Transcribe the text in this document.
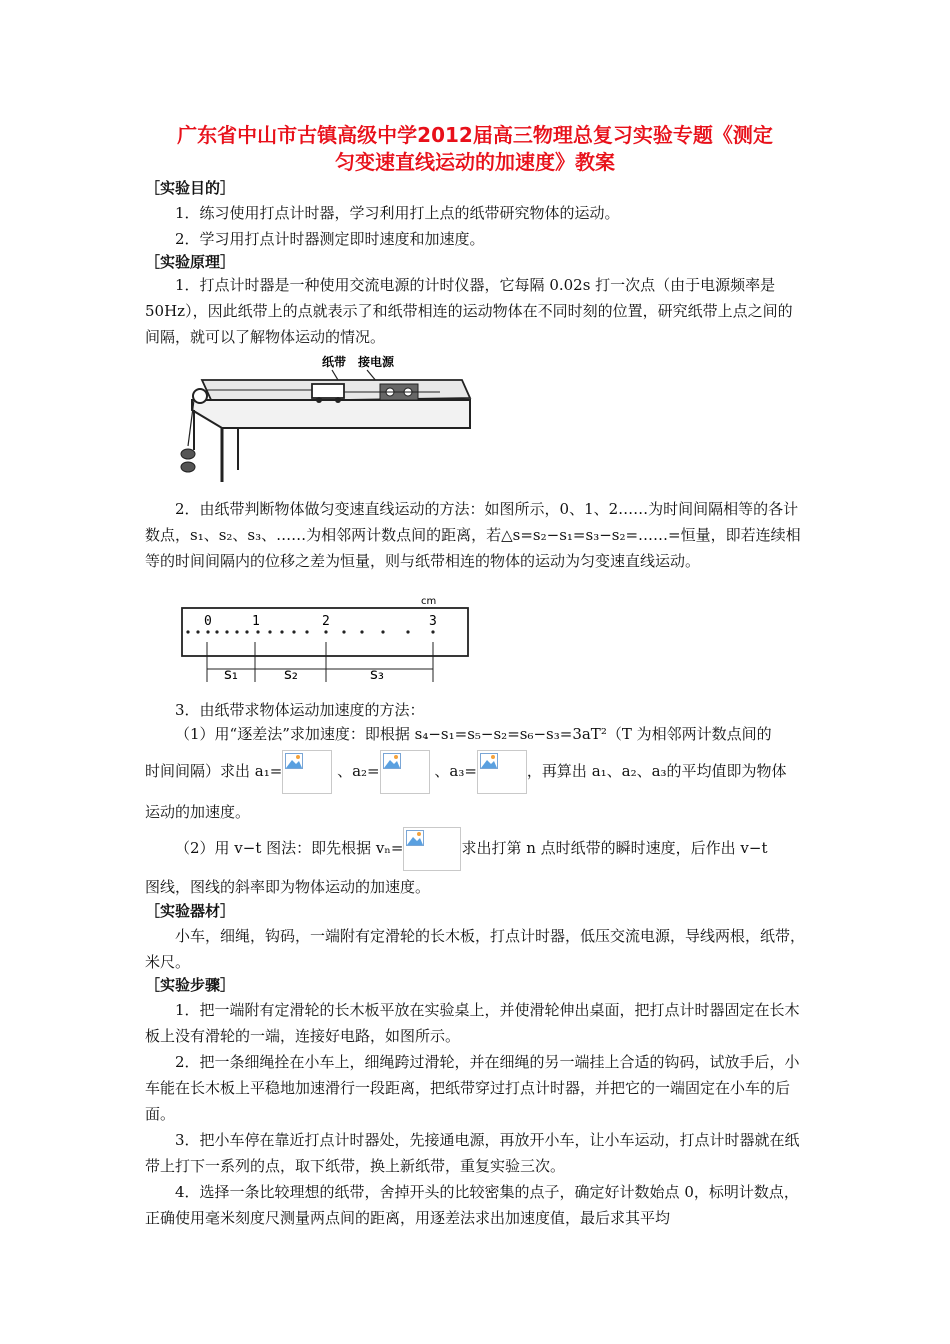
广东省中山市古镇高级中学2012届高三物理总复习实验专题《测定
匀变速直线运动的加速度》教案
［实验目的］
1．练习使用打点计时器，学习利用打上点的纸带研究物体的运动。
2．学习用打点计时器测定即时速度和加速度。
［实验原理］
1．打点计时器是一种使用交流电源的计时仪器，它每隔 0.02s 打一次点（由于电源频率是 50Hz），因此纸带上的点就表示了和纸带相连的运动物体在不同时刻的位置，研究纸带上点之间的间隔，就可以了解物体运动的情况。
纸带 接电源
2．由纸带判断物体做匀变速直线运动的方法：如图所示，0、1、2……为时间间隔相等的各计数点，s₁、s₂、s₃、……为相邻两计数点间的距离，若△s=s₂−s₁=s₃−s₂=……=恒量，即若连续相等的时间间隔内的位移之差为恒量，则与纸带相连的物体的运动为匀变速直线运动。
cm
0	1	2	3
s₁	s₂	s₃
3．由纸带求物体运动加速度的方法：
（1）用“逐差法”求加速度：即根据 s₄−s₁=s₅−s₂=s₆−s₃=3aT²（T 为相邻两计数点间的
时间间隔）求出 a₁=	、a₂=	、a₃=	，再算出 a₁、a₂、a₃的平均值即为物体
运动的加速度。
（2）用 v−t 图法：即先根据 vₙ=	求出打第 n 点时纸带的瞬时速度，后作出 v−t
图线，图线的斜率即为物体运动的加速度。
［实验器材］
小车，细绳，钩码，一端附有定滑轮的长木板，打点计时器，低压交流电源，导线两根，纸带，米尺。
［实验步骤］
1．把一端附有定滑轮的长木板平放在实验桌上，并使滑轮伸出桌面，把打点计时器固定在长木板上没有滑轮的一端，连接好电路，如图所示。
2．把一条细绳拴在小车上，细绳跨过滑轮，并在细绳的另一端挂上合适的钩码，试放手后，小车能在长木板上平稳地加速滑行一段距离，把纸带穿过打点计时器，并把它的一端固定在小车的后面。
3．把小车停在靠近打点计时器处，先接通电源，再放开小车，让小车运动，打点计时器就在纸带上打下一系列的点，取下纸带，换上新纸带，重复实验三次。
4．选择一条比较理想的纸带，舍掉开头的比较密集的点子，确定好计数始点 0，标明计数点，正确使用毫米刻度尺测量两点间的距离，用逐差法求出加速度值，最后求其平均
